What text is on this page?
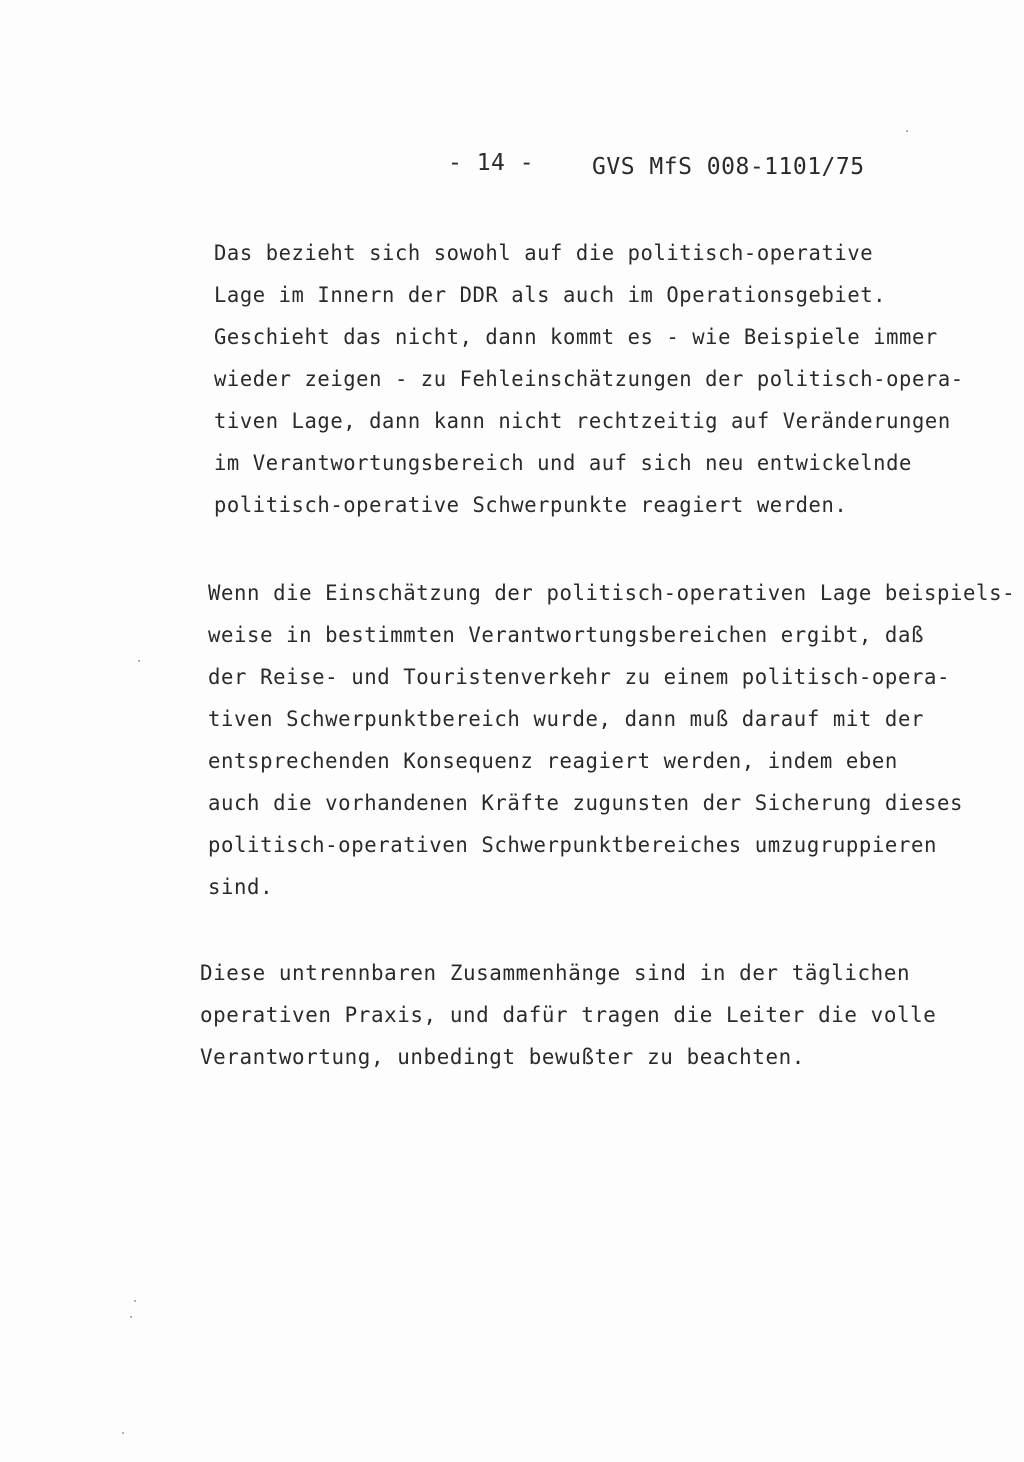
- 14 -	GVS MfS 008-1101/75
Das bezieht sich sowohl auf die politisch-operative
Lage im Innern der DDR als auch im Operationsgebiet.
Geschieht das nicht, dann kommt es - wie Beispiele immer
wieder zeigen - zu Fehleinschätzungen der politisch-opera-
tiven Lage, dann kann nicht rechtzeitig auf Veränderungen
im Verantwortungsbereich und auf sich neu entwickelnde
politisch-operative Schwerpunkte reagiert werden.
Wenn die Einschätzung der politisch-operativen Lage beispiels-
weise in bestimmten Verantwortungsbereichen ergibt, daß
der Reise- und Touristenverkehr zu einem politisch-opera-
tiven Schwerpunktbereich wurde, dann muß darauf mit der
entsprechenden Konsequenz reagiert werden, indem eben
auch die vorhandenen Kräfte zugunsten der Sicherung dieses
politisch-operativen Schwerpunktbereiches umzugruppieren
sind.
Diese untrennbaren Zusammenhänge sind in der täglichen
operativen Praxis, und dafür tragen die Leiter die volle
Verantwortung, unbedingt bewußter zu beachten.
